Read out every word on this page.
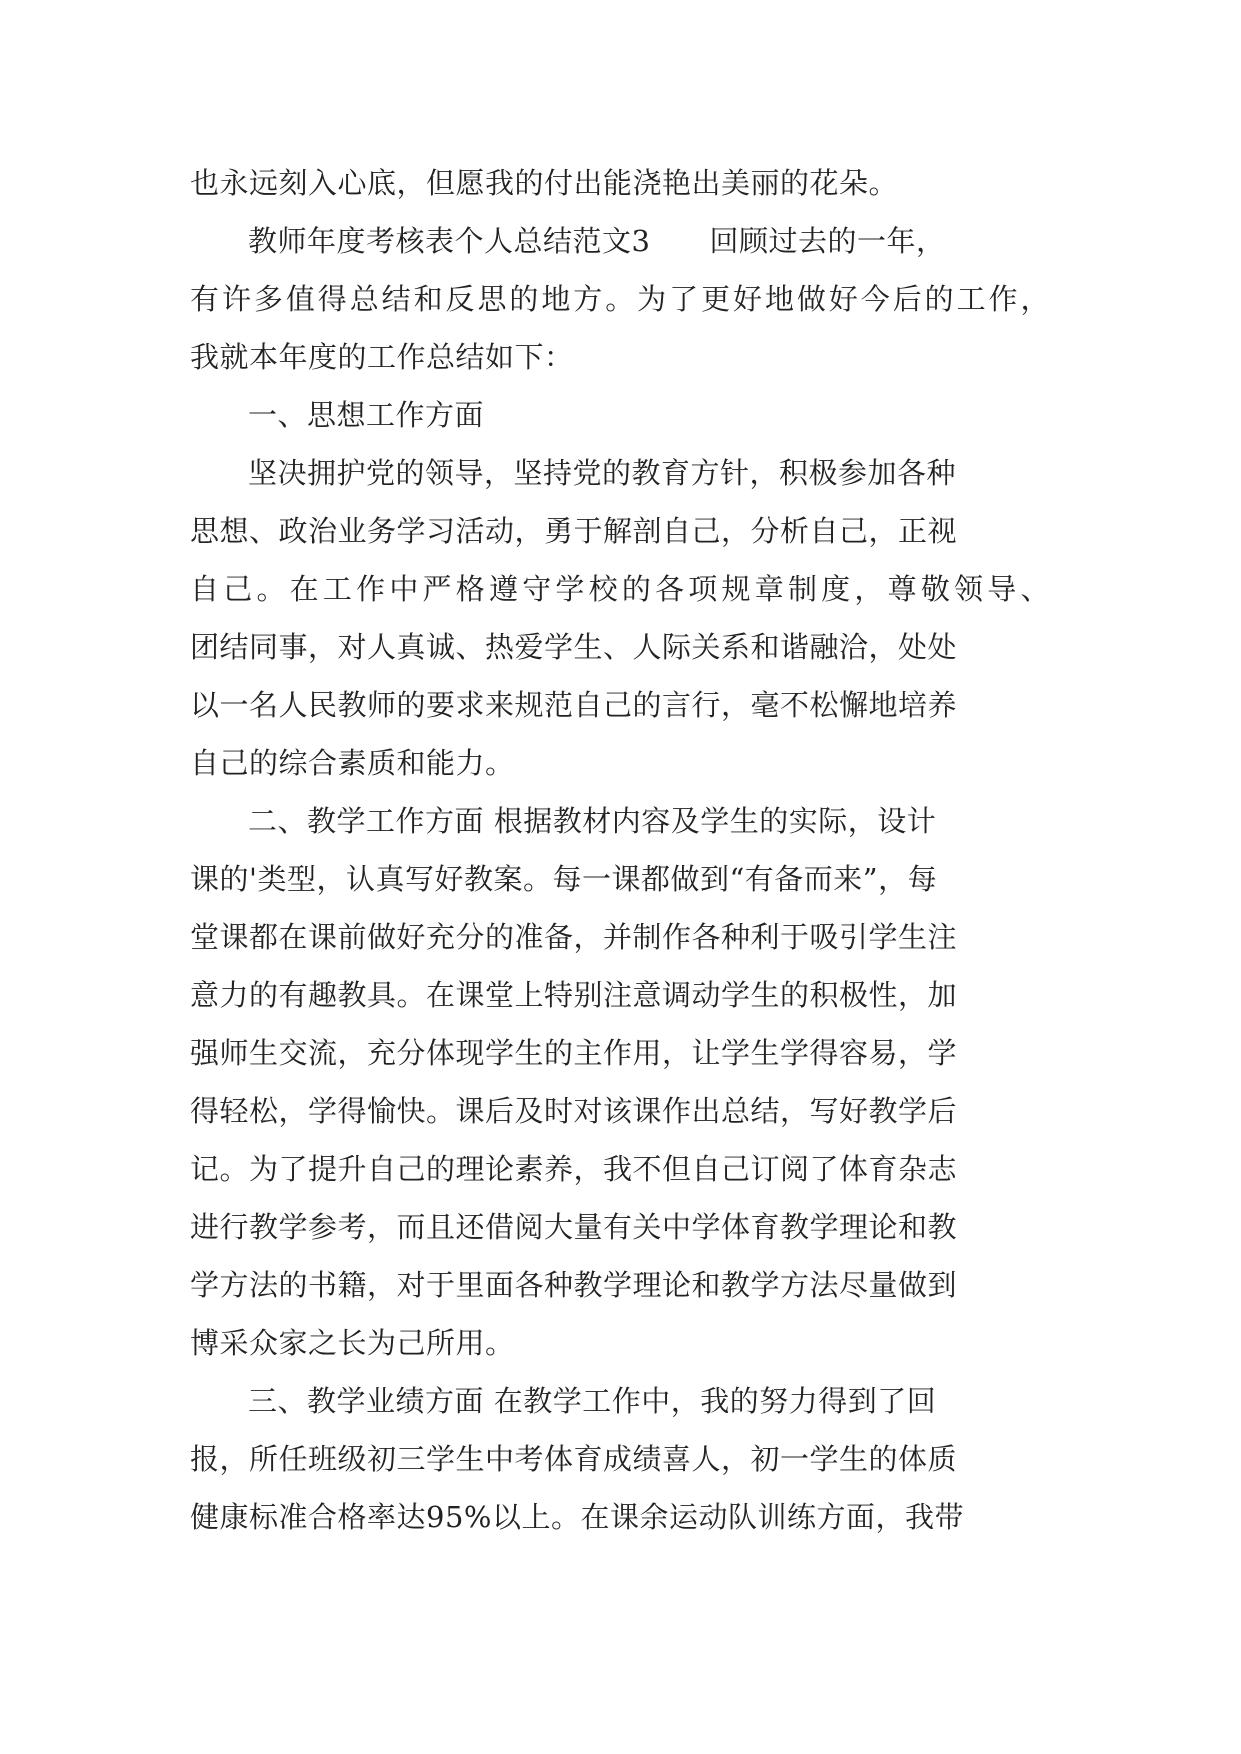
也永远刻入心底，但愿我的付出能浇艳出美丽的花朵。
教师年度考核表个人总结范文3　　回顾过去的一年，
有许多值得总结和反思的地方。为了更好地做好今后的工作，
我就本年度的工作总结如下：
一、思想工作方面
坚决拥护党的领导，坚持党的教育方针，积极参加各种
思想、政治业务学习活动，勇于解剖自己，分析自己，正视
自己。在工作中严格遵守学校的各项规章制度，尊敬领导、
团结同事，对人真诚、热爱学生、人际关系和谐融洽，处处
以一名人民教师的要求来规范自己的言行，毫不松懈地培养
自己的综合素质和能力。
二、教学工作方面 根据教材内容及学生的实际，设计
课的'类型，认真写好教案。每一课都做到“有备而来”，每
堂课都在课前做好充分的准备，并制作各种利于吸引学生注
意力的有趣教具。在课堂上特别注意调动学生的积极性，加
强师生交流，充分体现学生的主作用，让学生学得容易，学
得轻松，学得愉快。课后及时对该课作出总结，写好教学后
记。为了提升自己的理论素养，我不但自己订阅了体育杂志
进行教学参考，而且还借阅大量有关中学体育教学理论和教
学方法的书籍，对于里面各种教学理论和教学方法尽量做到
博采众家之长为己所用。
三、教学业绩方面 在教学工作中，我的努力得到了回
报，所任班级初三学生中考体育成绩喜人，初一学生的体质
健康标准合格率达95%以上。在课余运动队训练方面，我带
